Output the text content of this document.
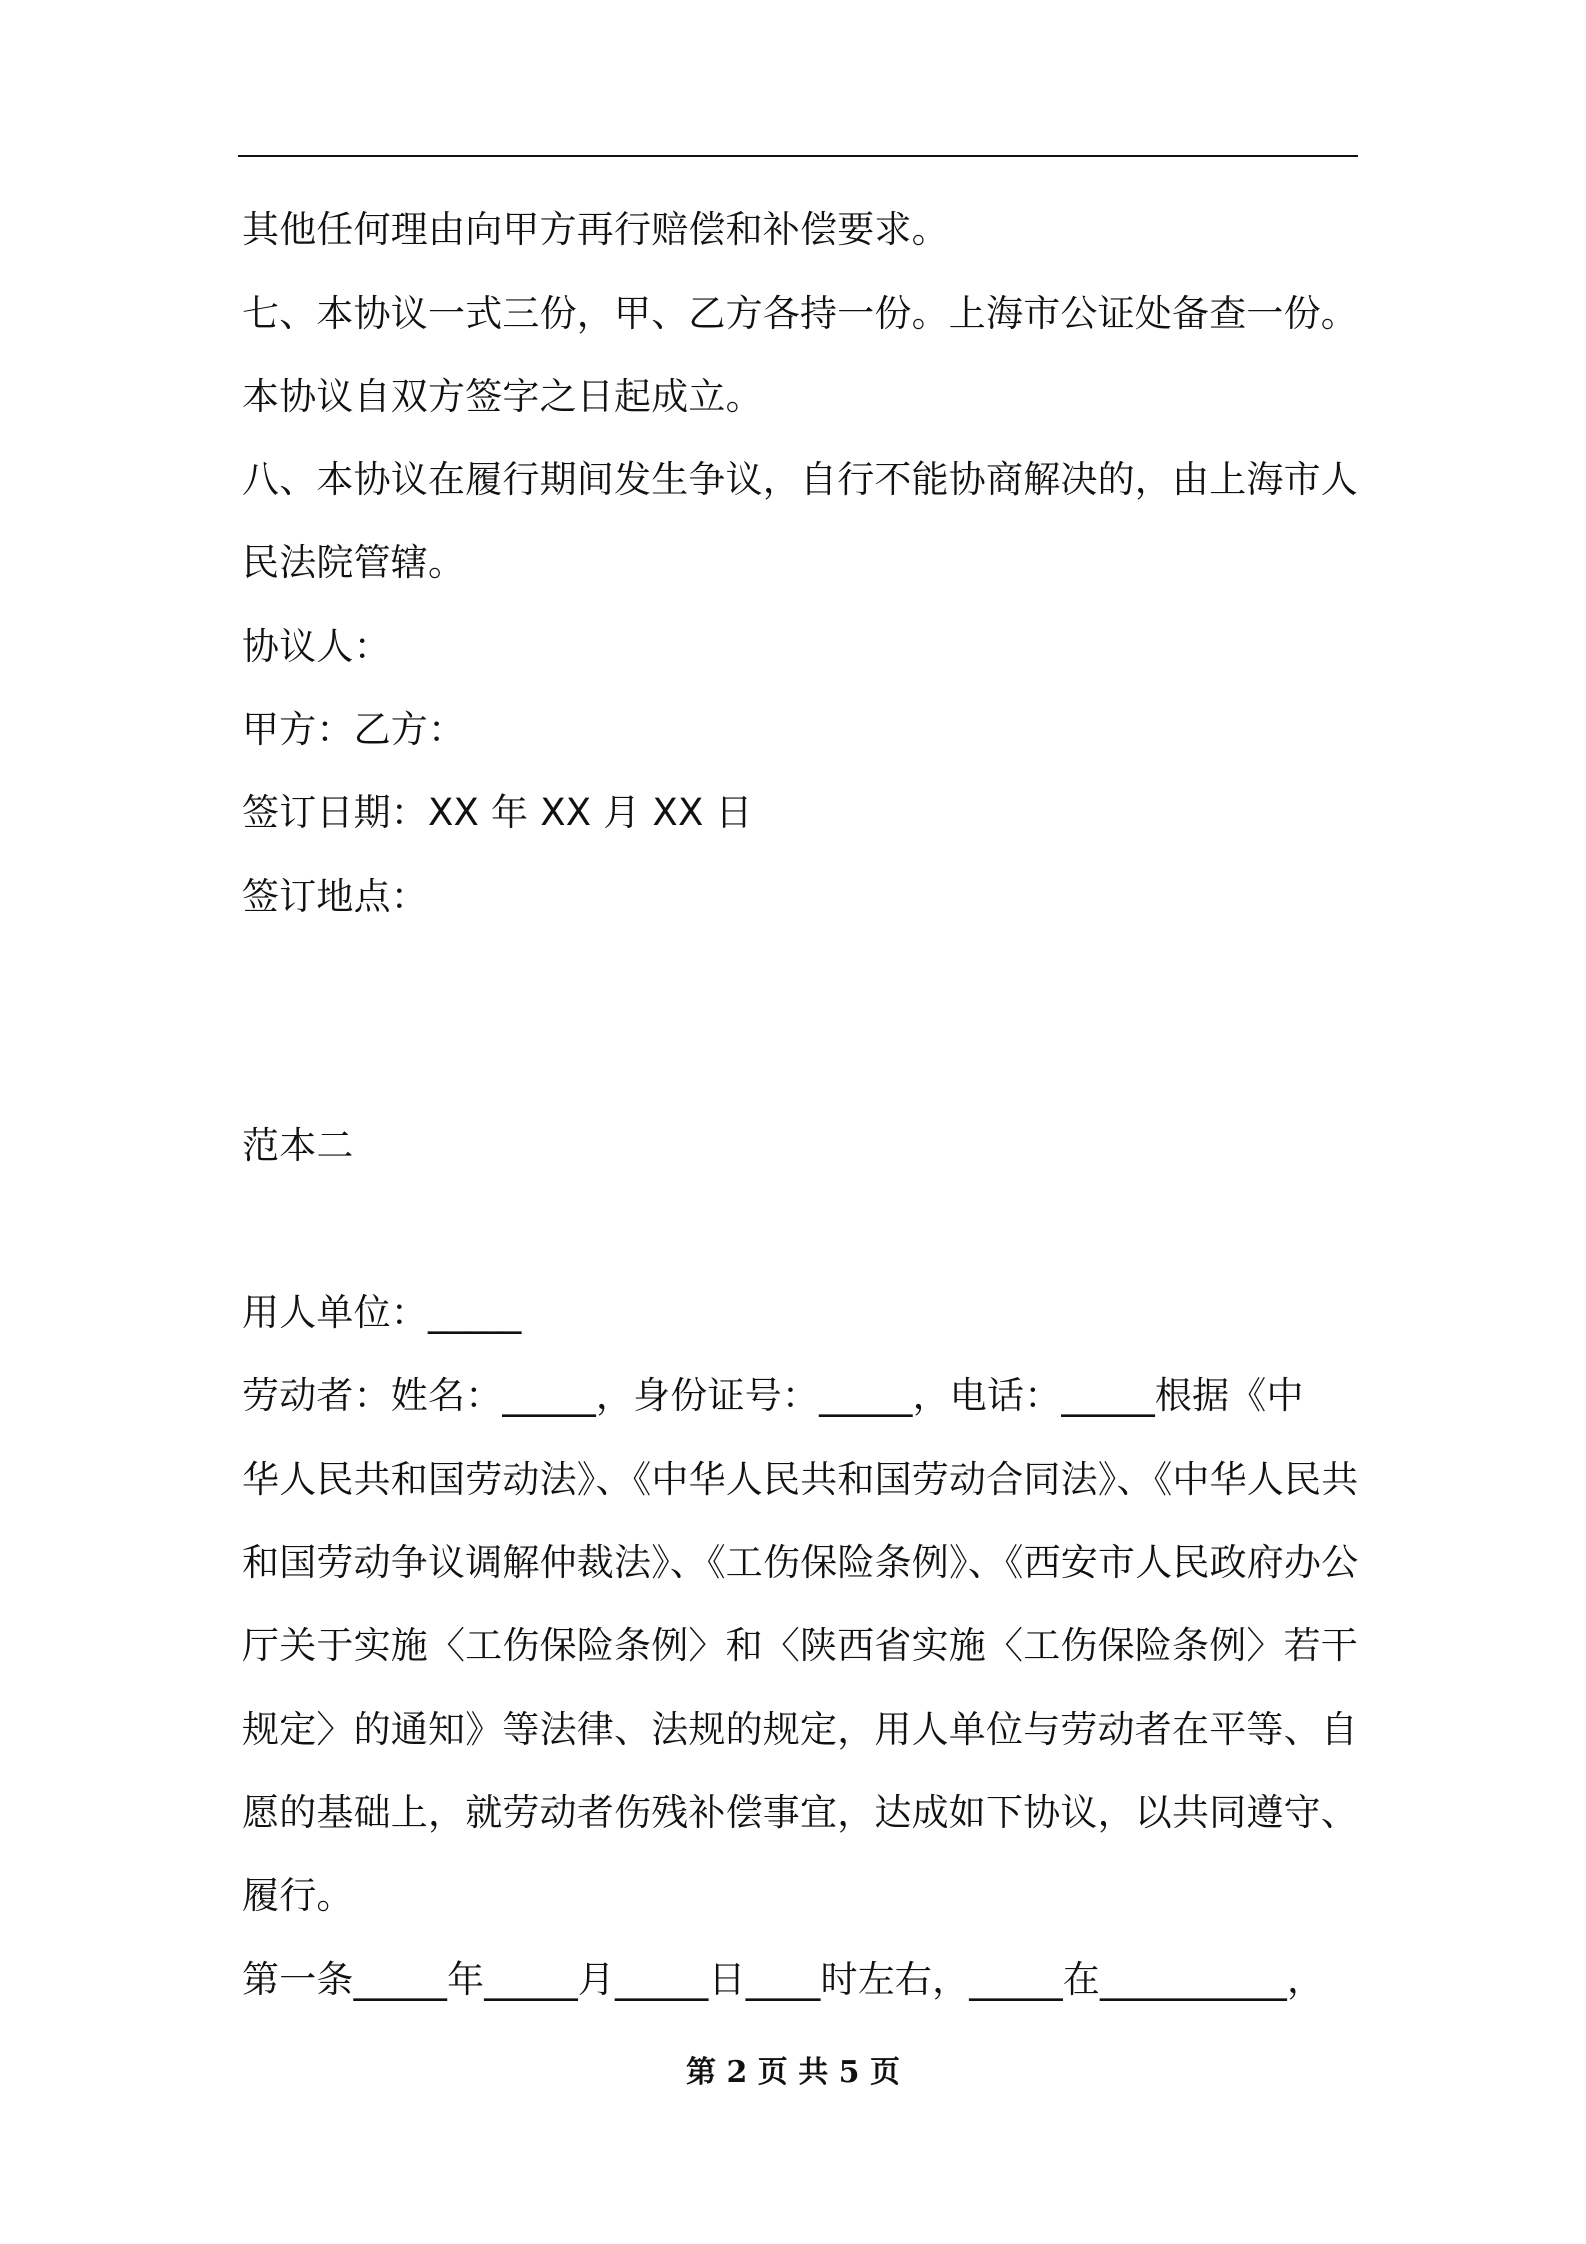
其他任何理由向甲方再行赔偿和补偿要求。
七、本协议一式三份，甲、乙方各持一份。上海市公证处备查一份。
本协议自双方签字之日起成立。
八、本协议在履行期间发生争议，自行不能协商解决的，由上海市人
民法院管辖。
协议人：
甲方：乙方：
签订日期：XX 年 XX 月 XX 日
签订地点：
范本二
用人单位：_____
劳动者：姓名：_____，身份证号：_____，电话：_____根据《中
华人民共和国劳动法》、《中华人民共和国劳动合同法》、《中华人民共
和国劳动争议调解仲裁法》、《工伤保险条例》、《西安市人民政府办公
厅关于实施〈工伤保险条例〉和〈陕西省实施〈工伤保险条例〉若干
规定〉的通知》等法律、法规的规定，用人单位与劳动者在平等、自
愿的基础上，就劳动者伤残补偿事宜，达成如下协议，以共同遵守、
履行。
第一条_____年_____月_____日____时左右，_____在__________，
第 2 页 共 5 页
